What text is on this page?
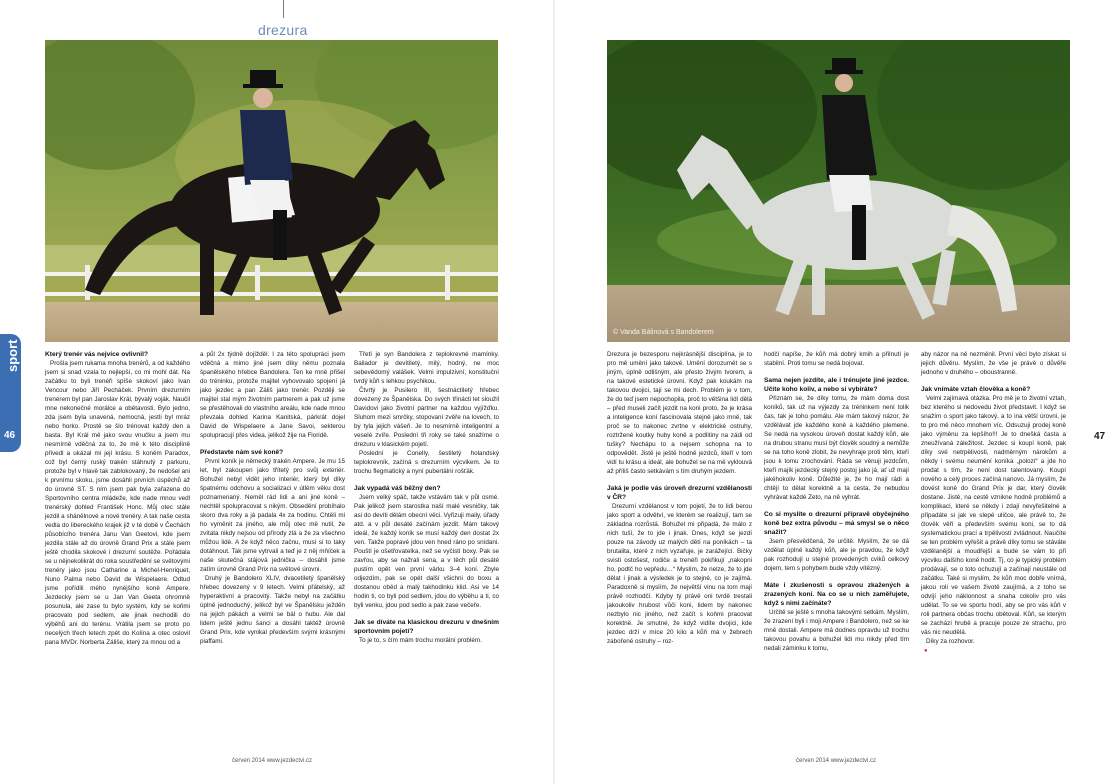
drezura
© Vanda Bálinová s Bandolerem
sport
46	47
Který trenér vás nejvíce ovlivnil?

Prošla jsem rukama mnoha trenérů, a od každého jsem si snad vzala to nejlepší, co mi mohl dát. Na začátku to byli trenéři spíše skokoví jako Ivan Vencour nebo Jiří Pecháček. Prvním drezurním trenérem byl pan Jaroslav Král, bývalý voják. Naučil mne nekonečné morálce a obětavosti. Bylo jedno, zda jsem byla unavená, nemocná, jestli byl mráz nebo horko. Prostě se šlo trénovat každý den a basta. Byl Král mě jako svou vnučku a jsem mu nesmírně vděčná za to, že mě k této disciplíně přivedl a ukázal mi její krásu. S koněm Paradox, což byl černý ruský trakén stáhnutý z parkuru, protože byl v hlavě tak zablokovaný, že nedošel ani k prvnímu skoku, jsme dosáhli prvních úspěchů až do úrovně ST. S ním jsem pak byla zařazena do Sportovního centra mládeže, kde nade mnou vedl trenérský dohled František Honc. Můj otec stále jezdil a shánělnové a nové trenéry. A tak naše cesta vedla do libereckého krajek již v té době v Čechách působícího trenéra Janu Van Geetovi, kde jsem jezdila stále až do úrovně Grand Prix a stále jsem ještě chodila skokové i drezurní soutěže. Pořádala se u nějnekolikrát do roka soustředění se světovými trenéry jako jsou Catharine a Michel-Henriquet, Nuno Palma nebo David de Wispelaere. Odtud jsme pořídili mého nynějšího koně Ampere. Jezdecky jsem se u Jan Van Geeta ohromně posunula, ale zase tu bylo systém, kdy se koňmi pracovalo pod sedlem, ale jinak nechodili do výběhů ani do terénu. Vrátila jsem se proto po necelých třech letech zpět do Kolína a otec oslovil pana MVDr. Norberta Záliše, který za mnou od a

a půl 2x týdně dojížděl. I za této spolupráci jsem vděčná a mimo jiné jsem díky němu poznala španělského hřebce Bandolera. Ten ke mně přišel do tréninku, protože majitel vyhovovalo spojení já jako jezdec a pan Záliš jako trenér. Později se majitel stal mým životním partnerem a pak už jsme se přestěhovali do vlastního areálu, kde nade mnou převzala dohled Karina Kanitská, párkrát dojel David de Wispelaere a Jane Savoi, sekterou spolupracují přes videa, jelikož žije na Floridě.

Představte nám své koně?

První koník je německý trakén Ampere. Je mu 15 let, byl zakoupen jako třítetý pro svůj exteriér. Bohužel nebyl vidět jeho interiér, který byl díky špatnému odchovu a socializaci v útlém věku dost poznamenaný. Neměl rád lidi a ani jiné koně – nechtěl spolupracovat s nikým. Obsedění probíhalo skoro dva roky a já padala 4x za hodinu. Chtěli mi ho vyměnit za jiného, ale můj otec mě nutil, že zvítata nikdy nejsou od přírody zlá a že za všechno můžou lidé. A že když něco začnu, musí si to taky dotáhnout. Tak jsme vytrvali a teď je z něj mňíček a naše skutečná stájová jednička – dosáhli jsme zatím úrovně Grand Prix na světové úrovni.

Druhý je Bandolero XLIV, dvacetiletý španělský hřebec dovezený v 9 letech. Velmi přátelský, až hyperaktivní a pracovitý. Takže nebyl na začátku úplně jednoduchý, jelikož byl ve Španělsku ježděn na jejich pákách a velmi se bál o hubu. Ale dal lidem ještě jednu šanci a dosáhl taktéž úrovně Grand Prix, kde vynikal především svými krásnými piaffami.

Třetí je syn Bandolera z teplokrevné mamínky. Bailador je devítiletý, milý, hodný, ne moc sebevědomý valášek. Velmi impulzivní, konstituční tvrdý kůň s lehkou psychikou.

Čtvrtý je Pusilero III, šestnáctiletý hřebec dovezený ze Španělska. Do svých třinácti let sloužil Davidovi jako životní partner na každou vyjížďku. Sluhom mezi smrčky, stopovaní zvěře na lovech, to by tyla jejich vášeň. Je to nesmírně inteligentní a veselé zvíře. Poslední tři roky se také snažíme o drezuru v klasickém pojetí.

Poslední je Conelly, šestiletý holandský teplokrevník, začíná s drezurním výcvikem. Je to trochu flegmatický a nyní pubertální rošťák.

Jak vypadá váš běžný den?

Jsem velký spáč, takže vstávám tak v půl osmé. Pak jelikož jsem starostka naší malé vesničky, tak asi do devíti dělám obecní věci. Vyřizuji maily, úřady atd. a v půl desáté začínám jezdit. Mám takový ideál, že každý koník se musí každý den dostat 2x ven. Takže popravé jdou ven hned ráno po snídani. Pouští je ošetřovatelka, než se vyčistí boxy. Pak se zavřou, aby se nažrali sena, a v těch půl desáté pustím opět ven první várku 3–4 koní. Zbyle odjezdím, pak se opět další všichni do boxu a dostanou oběd a malý takhodinku klid. Asi ve 14 hodin ti, co byli pod sedlem, jdou do výběhu a ti, co byli venku, jdou pod sedlo a pak zase večeře.

Jak se díváte na klasickou drezuru v dnešním sportovním pojetí?

To je to, s čím mám trochu morální problém.

Drezura je bezesporu nejkrásnější disciplína, je to pro mě umění jako takové. Umění dorozumět se s jiným, úplně odlišným, ale přesto živým tvorem, a na takové estetické úrovni. Když pak koukám na takovou dvojici, tají se mi dech. Problém je v tom, že do teď jsem nepochopila, proč to většina lidí dělá – před museli začít jezdit na koni proto, že je krása a inteligence koní fascinovala stejně jako mně, tak proč se to nakonec zvrtne v elektrické ostruhy, roztržené koutky huby koně a podlitiny na zádi od tušky? Nechápu to a nejsem schopna na to odpovědět. Jistě je ještě hodně jezdců, kteří v tom vidí tu krásu a ideál, ale bohužel se na mě vyklouvá až příliš často setkávám s tím druhým jezdem.

Jaká je podle vás úroveň drezurní vzdělanosti v ČR?

Drezurní vzdělanost v tom pojetí, že to lidi berou jako sport a odvětví, ve kterém se realizují, tam se základna rozrůstá. Bohužel mi připadá, že málo z nich tuší, že to jde i jinak. Dnes, když se jezdí pouze na závody uz malých dětí na poníkách – ta brutalita, které z nich vyzařuje, je zarážející. Bičky svisti ostošest, rodiče a trenéři pokřikují „nakopni ho, podtč ho vepředu…“ Myslím, že nelze, že to jde dělat i jinak a výsledek je to stejné, co je zajímá. Paradoxně si myslím, že největší vinu na tom mají právě rozhodčí. Kdyby tý právě oni tvrdě trestali jakoukoliv hrubost vůči koni, lidem by nakonec nezbylo nic jiného, než začít s koňmi pracovat korektně. Je smutné, že když vidíte dvojici, kde jezdec drží v míce 20 kilo a kůň má v žebrech zabořené ostruhy – roz-

hodčí napíše, že kůň má dobrý kmih a přilnutí je stabilní. Proti tomu se nedá bojovat.

Sama nejen jezdíte, ale i trénujete jiné jezdce. Učíte koho koliv, a nebo si vybíráte?

Přiznám se, že díky tomu, že mám doma dost koníků, tak už na výjezdy za tréninkem není tolik čas, tak je toho pomálu. Ale mám takový názor, že vzdělávat jde každého koně a každého plemene. Se nedá na vysokou úroveň dostat každý kůň, ale na drubou stranu musí být člověk soudný a nemůže se na toho koně zlobit, že nevyhraje proti těm, kteří jsou k tomu zrochování. Ráda se věnuji jezdcům, kteří majík jezdecký stejný postoj jako já, ať už mají jakéhokoliv koně. Důležité je, že ho mají rádi a chtějí to dělat korektně a ta cesta, že nebudou vyhrávat každé Zeto, na ně vyhrát.

Co si myslíte o drezurní přípravě obyčejného koně bez extra původu – má smysl se o něco snažit?

Jsem přesvědčená, že určitě. Myslím, že se dá vzdělat úplně každý kůň, ale je pravdou, že když pak rozhodují u stejné provedených cviků celkový dojem, tem s pohybem bude vždy vítězný.

Máte i zkušenosti s opravou zkažených a zrazených koní. Na co se u nich zaměřujete, když s nimi začínáte?

Určitě se ještě s mnoha takovými setkám. Myslím, že zrazení byli i moji Ampere i Bandolero, než se ke mně dostali. Ampere má dodnes opravdu už trochu takovou povahu a bohužel lidi mu nikdy před tím nedali záminku k tomu,

aby názor na ně nezměnil. První věcí bylo získat si jejich důvěru. Myslím, že vše je právě o důvěře jednoho v druhého – oboustranně.

Jak vnímáte vztah člověka a koně?

Velmi zajímavá otázka. Pro mě je to životní vztah, bez kterého si nedovedu život představit. I když se snažím o sport jako takový, a to ina větší úrovni, je to pro mě něco mnohem víc. Odsuzuji prodej koně jako výměnu za lepšího!!! Je to dnešká časta a zneužívaná záležitost. Jezdec si koupí koně, pak díky své netrpělivosti, nadměrným nárokům a někdy i svému neumění koníka „polozí“ a jde ho prodat s tím, že není dost talentovaný. Koupí nového a celý proces začíná nanovo. Já myslím, že dovést koně do Grand Prix je dar, který člověk dostane. Jistě, na cestě vznikne hodně problémů a komplikací, které se někdy i zdají nevyřešitelné a připadáte si jak ve slepé uličce, ale právě to, že člověk věří a především svému koni, se to dá systematickou prací a trpělivostí zvládnout. Naučíte se ten problém vyřešit a právě díky tomu se stáváte vzdělanější a moudřejší a bude se vám to při výcviku dalšího koně hodit. Tj, co je typický problém prodávají, se o toto ochuzují a začínají neustále od začátku. Také si myslím, že kůň moc dobře vnímá, jakou roli ve vašem životě zaujímá, a z toho se odvíjí jeho náklonnost a snaha cokoliv pro vás udělat. To se ve sportu hodí, aby se pro vás kůň v roli partnera občas trochu obětoval. Kůň, se kterým se zachází hrubě a pracuje pouze ze strachu, pro vás nic neudělá.

Díky za rozhovor.

●
červen 2014 www.jezdectvi.cz	červen 2014 www.jezdectvi.cz
